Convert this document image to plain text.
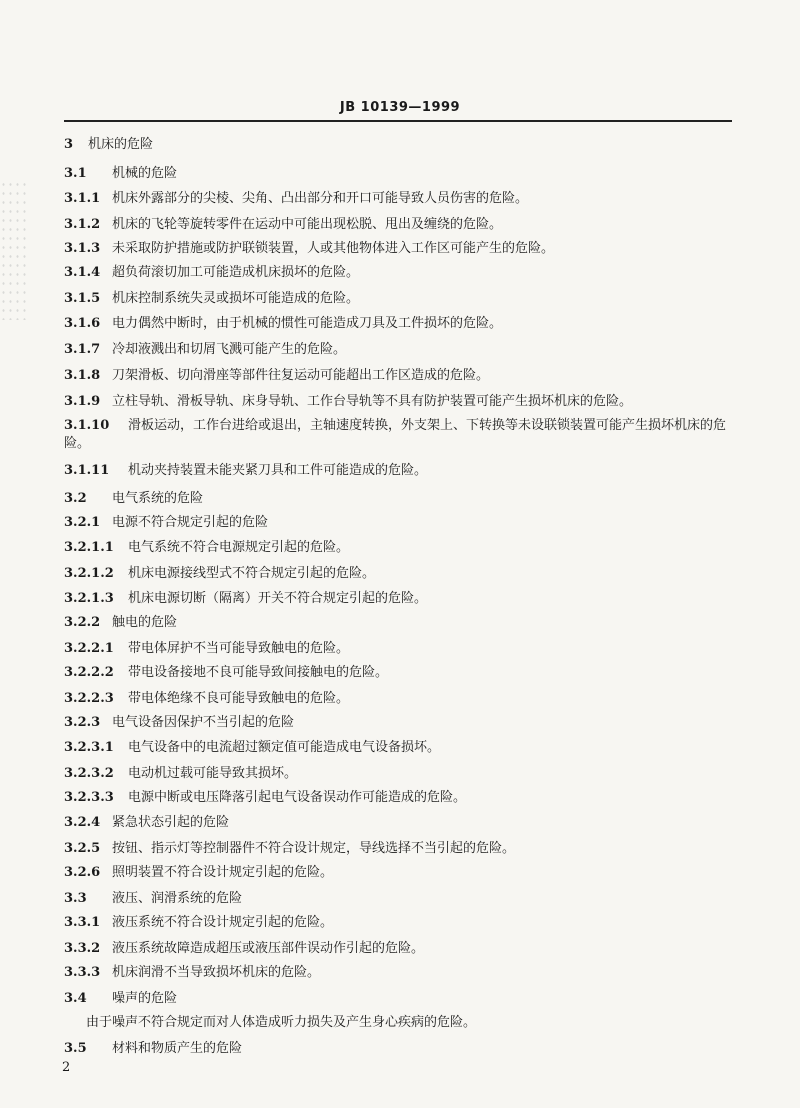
JB 10139—1999
3 机床的危险
3.1 机械的危险
3.1.1 机床外露部分的尖棱、尖角、凸出部分和开口可能导致人员伤害的危险。
3.1.2 机床的飞轮等旋转零件在运动中可能出现松脱、甩出及缠绕的危险。
3.1.3 未采取防护措施或防护联锁装置，人或其他物体进入工作区可能产生的危险。
3.1.4 超负荷滚切加工可能造成机床损坏的危险。
3.1.5 机床控制系统失灵或损坏可能造成的危险。
3.1.6 电力偶然中断时，由于机械的惯性可能造成刀具及工件损坏的危险。
3.1.7 冷却液溅出和切屑飞溅可能产生的危险。
3.1.8 刀架滑板、切向滑座等部件往复运动可能超出工作区造成的危险。
3.1.9 立柱导轨、滑板导轨、床身导轨、工作台导轨等不具有防护装置可能产生损坏机床的危险。
3.1.10 滑板运动，工作台进给或退出，主轴速度转换，外支架上、下转换等未设联锁装置可能产生损坏机床的危险。
3.1.11 机动夹持装置未能夹紧刀具和工件可能造成的危险。
3.2 电气系统的危险
3.2.1 电源不符合规定引起的危险
3.2.1.1 电气系统不符合电源规定引起的危险。
3.2.1.2 机床电源接线型式不符合规定引起的危险。
3.2.1.3 机床电源切断（隔离）开关不符合规定引起的危险。
3.2.2 触电的危险
3.2.2.1 带电体屏护不当可能导致触电的危险。
3.2.2.2 带电设备接地不良可能导致间接触电的危险。
3.2.2.3 带电体绝缘不良可能导致触电的危险。
3.2.3 电气设备因保护不当引起的危险
3.2.3.1 电气设备中的电流超过额定值可能造成电气设备损坏。
3.2.3.2 电动机过载可能导致其损坏。
3.2.3.3 电源中断或电压降落引起电气设备误动作可能造成的危险。
3.2.4 紧急状态引起的危险
3.2.5 按钮、指示灯等控制器件不符合设计规定，导线选择不当引起的危险。
3.2.6 照明装置不符合设计规定引起的危险。
3.3 液压、润滑系统的危险
3.3.1 液压系统不符合设计规定引起的危险。
3.3.2 液压系统故障造成超压或液压部件误动作引起的危险。
3.3.3 机床润滑不当导致损坏机床的危险。
3.4 噪声的危险
由于噪声不符合规定而对人体造成听力损失及产生身心疾病的危险。
3.5 材料和物质产生的危险
2
